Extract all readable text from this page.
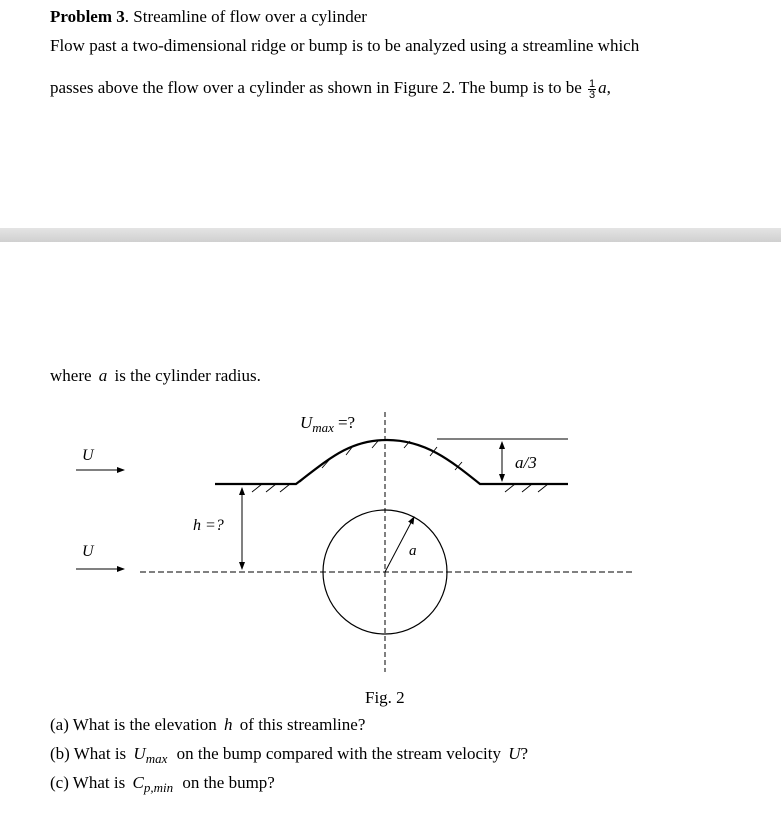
Problem 3. Streamline of flow over a cylinder
Flow past a two-dimensional ridge or bump is to be analyzed using a streamline which
passes above the flow over a cylinder as shown in Figure 2. The bump is to be $\frac{1}{3} a$,
where a is the cylinder radius.
U
U
$U_{max}$ =?
h =?
a
a/3
Fig. 2
(a) What is the elevation h of this streamline?
(b) What is $U_{max}$ on the bump compared with the stream velocity U?
(c) What is $C_{p,min}$ on the bump?
